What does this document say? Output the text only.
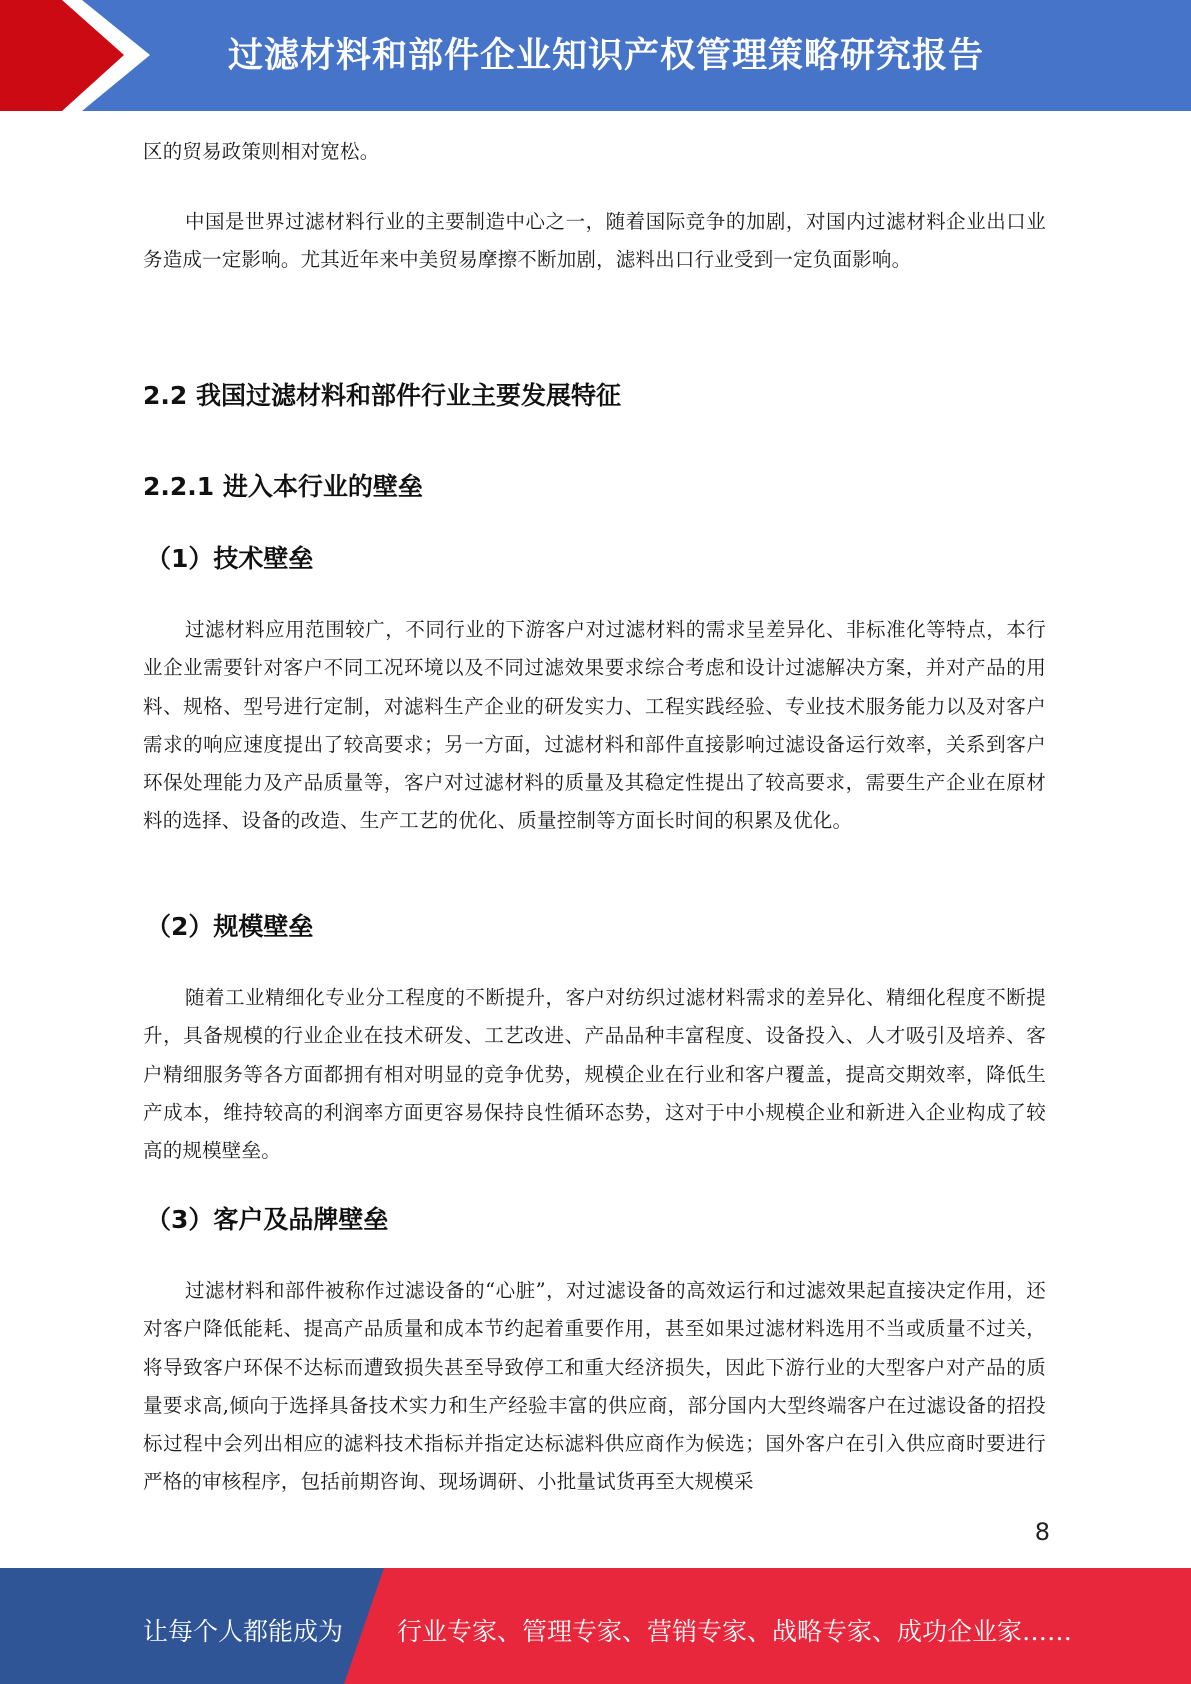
过滤材料和部件企业知识产权管理策略研究报告

区的贸易政策则相对宽松。

中国是世界过滤材料行业的主要制造中心之一，随着国际竞争的加剧，对国内过滤材料企业出口业务造成一定影响。尤其近年来中美贸易摩擦不断加剧，滤料出口行业受到一定负面影响。

2.2 我国过滤材料和部件行业主要发展特征
2.2.1 进入本行业的壁垒
（1）技术壁垒

过滤材料应用范围较广，不同行业的下游客户对过滤材料的需求呈差异化、非标准化等特点，本行业企业需要针对客户不同工况环境以及不同过滤效果要求综合考虑和设计过滤解决方案，并对产品的用料、规格、型号进行定制，对滤料生产企业的研发实力、工程实践经验、专业技术服务能力以及对客户需求的响应速度提出了较高要求；另一方面，过滤材料和部件直接影响过滤设备运行效率，关系到客户环保处理能力及产品质量等，客户对过滤材料的质量及其稳定性提出了较高要求，需要生产企业在原材料的选择、设备的改造、生产工艺的优化、质量控制等方面长时间的积累及优化。

（2）规模壁垒

随着工业精细化专业分工程度的不断提升，客户对纺织过滤材料需求的差异化、精细化程度不断提升，具备规模的行业企业在技术研发、工艺改进、产品品种丰富程度、设备投入、人才吸引及培养、客户精细服务等各方面都拥有相对明显的竞争优势，规模企业在行业和客户覆盖，提高交期效率，降低生产成本，维持较高的利润率方面更容易保持良性循环态势，这对于中小规模企业和新进入企业构成了较高的规模壁垒。

（3）客户及品牌壁垒

过滤材料和部件被称作过滤设备的“心脏”，对过滤设备的高效运行和过滤效果起直接决定作用，还对客户降低能耗、提高产品质量和成本节约起着重要作用，甚至如果过滤材料选用不当或质量不过关，将导致客户环保不达标而遭致损失甚至导致停工和重大经济损失，因此下游行业的大型客户对产品的质量要求高,倾向于选择具备技术实力和生产经验丰富的供应商，部分国内大型终端客户在过滤设备的招投标过程中会列出相应的滤料技术指标并指定达标滤料供应商作为候选；国外客户在引入供应商时要进行严格的审核程序，包括前期咨询、现场调研、小批量试货再至大规模采

8
让每个人都能成为 行业专家、管理专家、营销专家、战略专家、成功企业家……
